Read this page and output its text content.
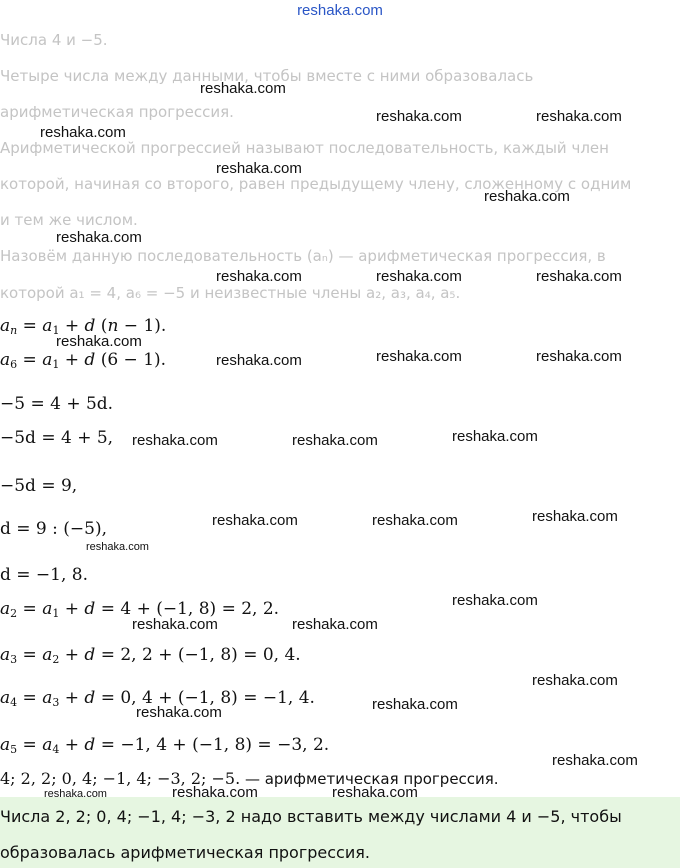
reshaka.com
Числа 4 и −5.
Четыре числа между данными, чтобы вместе с ними образовалась
арифметическая прогрессия.
Арифметической прогрессией называют последовательность, каждый член
которой, начиная со второго, равен предыдущему члену, сложенному с одним
и тем же числом.
Назовём данную последовательность (aₙ) — арифметическая прогрессия, в
которой a₁ = 4, a₆ = −5 и неизвестные члены a₂, a₃, a₄, a₅.
$a_n = a_1 + d$ (n − 1).
$a_6 = a_1 + d$ (6 − 1).
−5 = 4 + 5d.
−5d = 4 + 5,
−5d = 9,
d = 9 : (−5),
d = −1, 8.
$a_2 = a_1 + d = 4 + (-1$, 8) = 2, 2.
$a_3 = a_2 + d = 2$, 2 + (−1, 8) = 0, 4.
$a_4 = a_3 + d = 0$, 4 + (−1, 8) = −1, 4.
$a_5 = a_4 + d = -1$, 4 + (−1, 8) = −3, 2.
4; 2, 2; 0, 4; −1, 4; −3, 2; −5. — арифметическая прогрессия.
Числа 2, 2; 0, 4; −1, 4; −3, 2 надо вставить между числами 4 и −5, чтобы
образовалась арифметическая прогрессия.
reshaka.com
reshaka.com	reshaka.com
reshaka.com
reshaka.com
reshaka.com
reshaka.com
reshaka.com	reshaka.com	reshaka.com
reshaka.com
reshaka.com	reshaka.com	reshaka.com
reshaka.com	reshaka.com	reshaka.com
reshaka.com	reshaka.com	reshaka.com
reshaka.com
reshaka.com
reshaka.com	reshaka.com
reshaka.com
reshaka.com	reshaka.com
reshaka.com
reshaka.com	reshaka.com	reshaka.com
